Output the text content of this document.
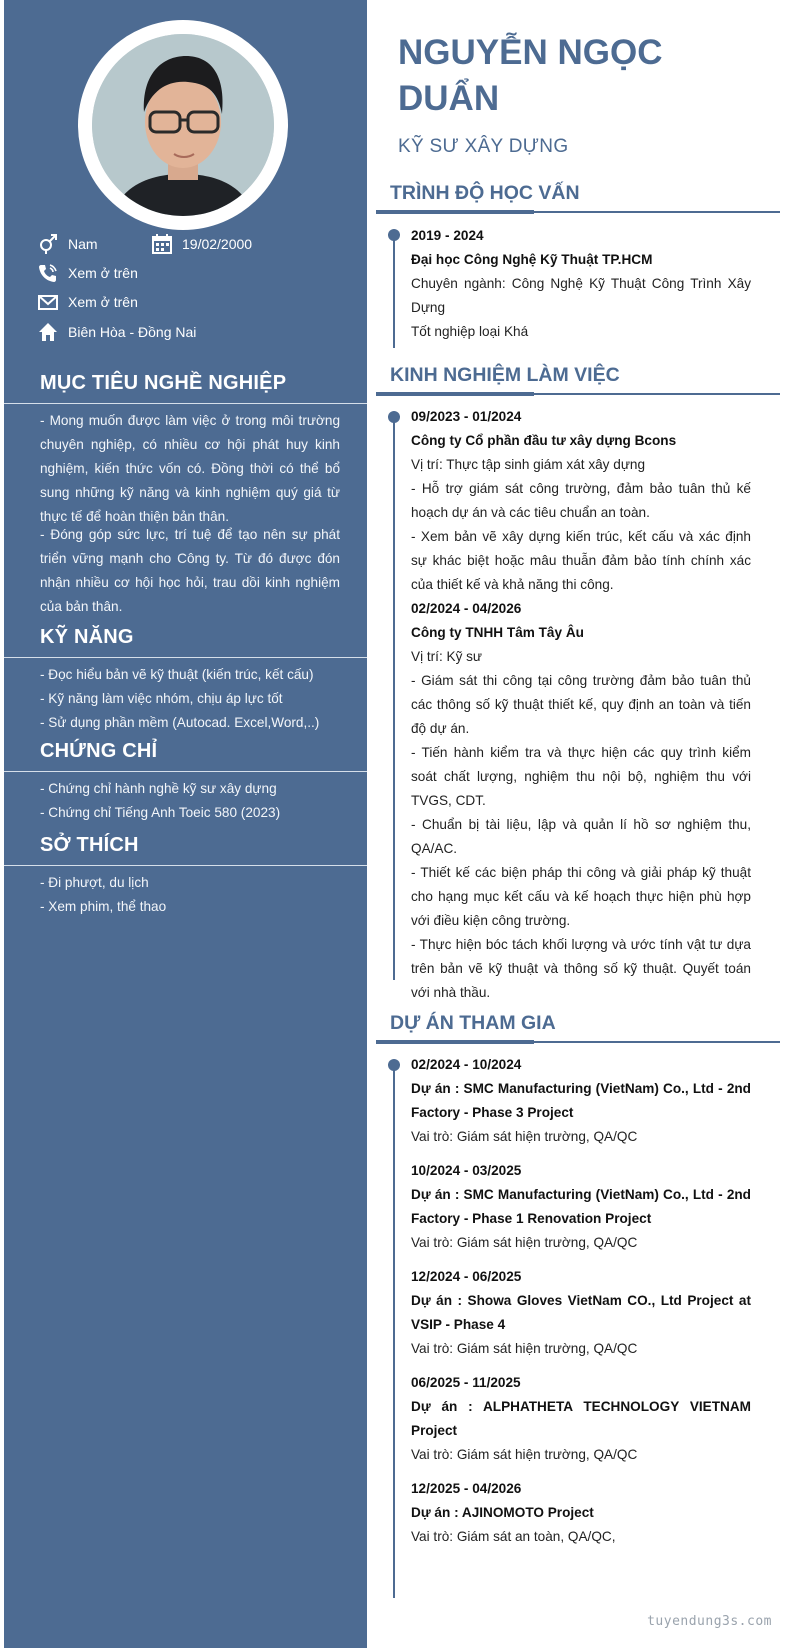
Nam	19/02/2000
Xem ở trên
Xem ở trên
Biên Hòa - Đồng Nai
MỤC TIÊU NGHỀ NGHIỆP

- Mong muốn được làm việc ở trong môi trường chuyên nghiệp, có nhiều cơ hội phát huy kinh nghiệm, kiến thức vốn có. Đồng thời có thể bổ sung những kỹ năng và kinh nghiệm quý giá từ thực tế để hoàn thiện bản thân.

- Đóng góp sức lực, trí tuệ để tạo nên sự phát triển vững mạnh cho Công ty. Từ đó được đón nhận nhiều cơ hội học hỏi, trau dồi kinh nghiệm của bản thân.

KỸ NĂNG
- Đọc hiểu bản vẽ kỹ thuật (kiến trúc, kết cấu)
- Kỹ năng làm việc nhóm, chịu áp lực tốt
- Sử dụng phần mềm (Autocad. Excel,Word,..)
CHỨNG CHỈ
- Chứng chỉ hành nghề kỹ sư xây dựng
- Chứng chỉ Tiếng Anh Toeic 580 (2023)
SỞ THÍCH
- Đi phượt, du lịch
- Xem phim, thể thao
NGUYỄN NGỌC DUẨN
KỸ SƯ XÂY DỰNG
TRÌNH ĐỘ HỌC VẤN
2019 - 2024
Đại học Công Nghệ Kỹ Thuật TP.HCM
Chuyên ngành: Công Nghệ Kỹ Thuật Công Trình Xây Dựng
Tốt nghiệp loại Khá
KINH NGHIỆM LÀM VIỆC
09/2023 - 01/2024
Công ty Cổ phần đầu tư xây dựng Bcons
Vị trí: Thực tập sinh giám xát xây dựng
- Hỗ trợ giám sát công trường, đảm bảo tuân thủ kế hoạch dự án và các tiêu chuẩn an toàn.
- Xem bản vẽ xây dựng kiến trúc, kết cấu và xác định sự khác biệt hoặc mâu thuẫn đảm bảo tính chính xác của thiết kế và khả năng thi công.
02/2024 - 04/2026
Công ty TNHH Tâm Tây Âu
Vị trí: Kỹ sư
- Giám sát thi công tại công trường đảm bảo tuân thủ các thông số kỹ thuật thiết kế, quy định an toàn và tiến độ dự án.
- Tiến hành kiểm tra và thực hiện các quy trình kiểm soát chất lượng, nghiệm thu nội bộ, nghiệm thu với TVGS, CDT.
- Chuẩn bị tài liệu, lập và quản lí hồ sơ nghiệm thu, QA/AC.
- Thiết kế các biện pháp thi công và giải pháp kỹ thuật cho hạng mục kết cấu và kế hoạch thực hiện phù hợp với điều kiện công trường.
- Thực hiện bóc tách khối lượng và ước tính vật tư dựa trên bản vẽ kỹ thuật và thông số kỹ thuật. Quyết toán với nhà thầu.
DỰ ÁN THAM GIA
02/2024 - 10/2024
Dự án : SMC Manufacturing (VietNam) Co., Ltd - 2nd Factory - Phase 3 Project
Vai trò: Giám sát hiện trường, QA/QC
10/2024 - 03/2025
Dự án : SMC Manufacturing (VietNam) Co., Ltd - 2nd Factory - Phase 1 Renovation Project
Vai trò: Giám sát hiện trường, QA/QC
12/2024 - 06/2025
Dự án : Showa Gloves VietNam CO., Ltd Project at VSIP - Phase 4
Vai trò: Giám sát hiện trường, QA/QC
06/2025 - 11/2025
Dự án : ALPHATHETA TECHNOLOGY VIETNAM Project
Vai trò: Giám sát hiện trường, QA/QC
12/2025 - 04/2026
Dự án : AJINOMOTO Project
Vai trò: Giám sát an toàn, QA/QC,
tuyendung3s.com
